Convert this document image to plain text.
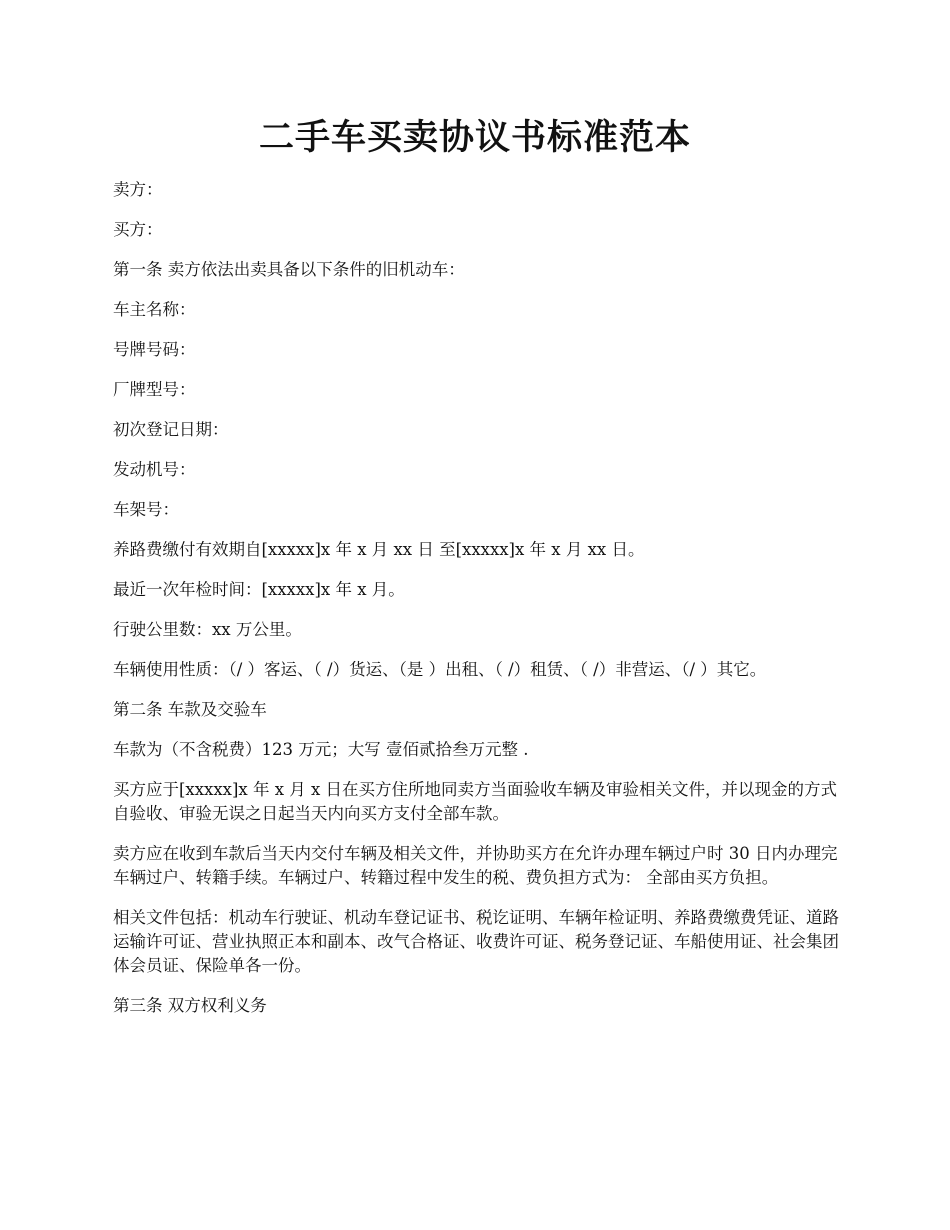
二手车买卖协议书标准范本

卖方：

买方：

第一条 卖方依法出卖具备以下条件的旧机动车：

车主名称：

号牌号码：

厂牌型号：

初次登记日期：

发动机号：

车架号：

养路费缴付有效期自[xxxxx]x 年 x 月 xx 日 至[xxxxx]x 年 x 月 xx 日。

最近一次年检时间：[xxxxx]x 年 x 月。

行驶公里数：xx 万公里。

车辆使用性质：（/ ）客运、（ /）货运、（是 ）出租、（ /）租赁、（ /）非营运、（/ ）其它。

第二条 车款及交验车

车款为（不含税费）123 万元；大写 壹佰贰拾叁万元整 .

买方应于[xxxxx]x 年 x 月 x 日在买方住所地同卖方当面验收车辆及审验相关文件，并以现金的方式自验收、审验无误之日起当天内向买方支付全部车款。

卖方应在收到车款后当天内交付车辆及相关文件，并协助买方在允许办理车辆过户时 30 日内办理完车辆过户、转籍手续。车辆过户、转籍过程中发生的税、费负担方式为： 全部由买方负担。

相关文件包括：机动车行驶证、机动车登记证书、税讫证明、车辆年检证明、养路费缴费凭证、道路运输许可证、营业执照正本和副本、改气合格证、收费许可证、税务登记证、车船使用证、社会集团体会员证、保险单各一份。

第三条 双方权利义务
